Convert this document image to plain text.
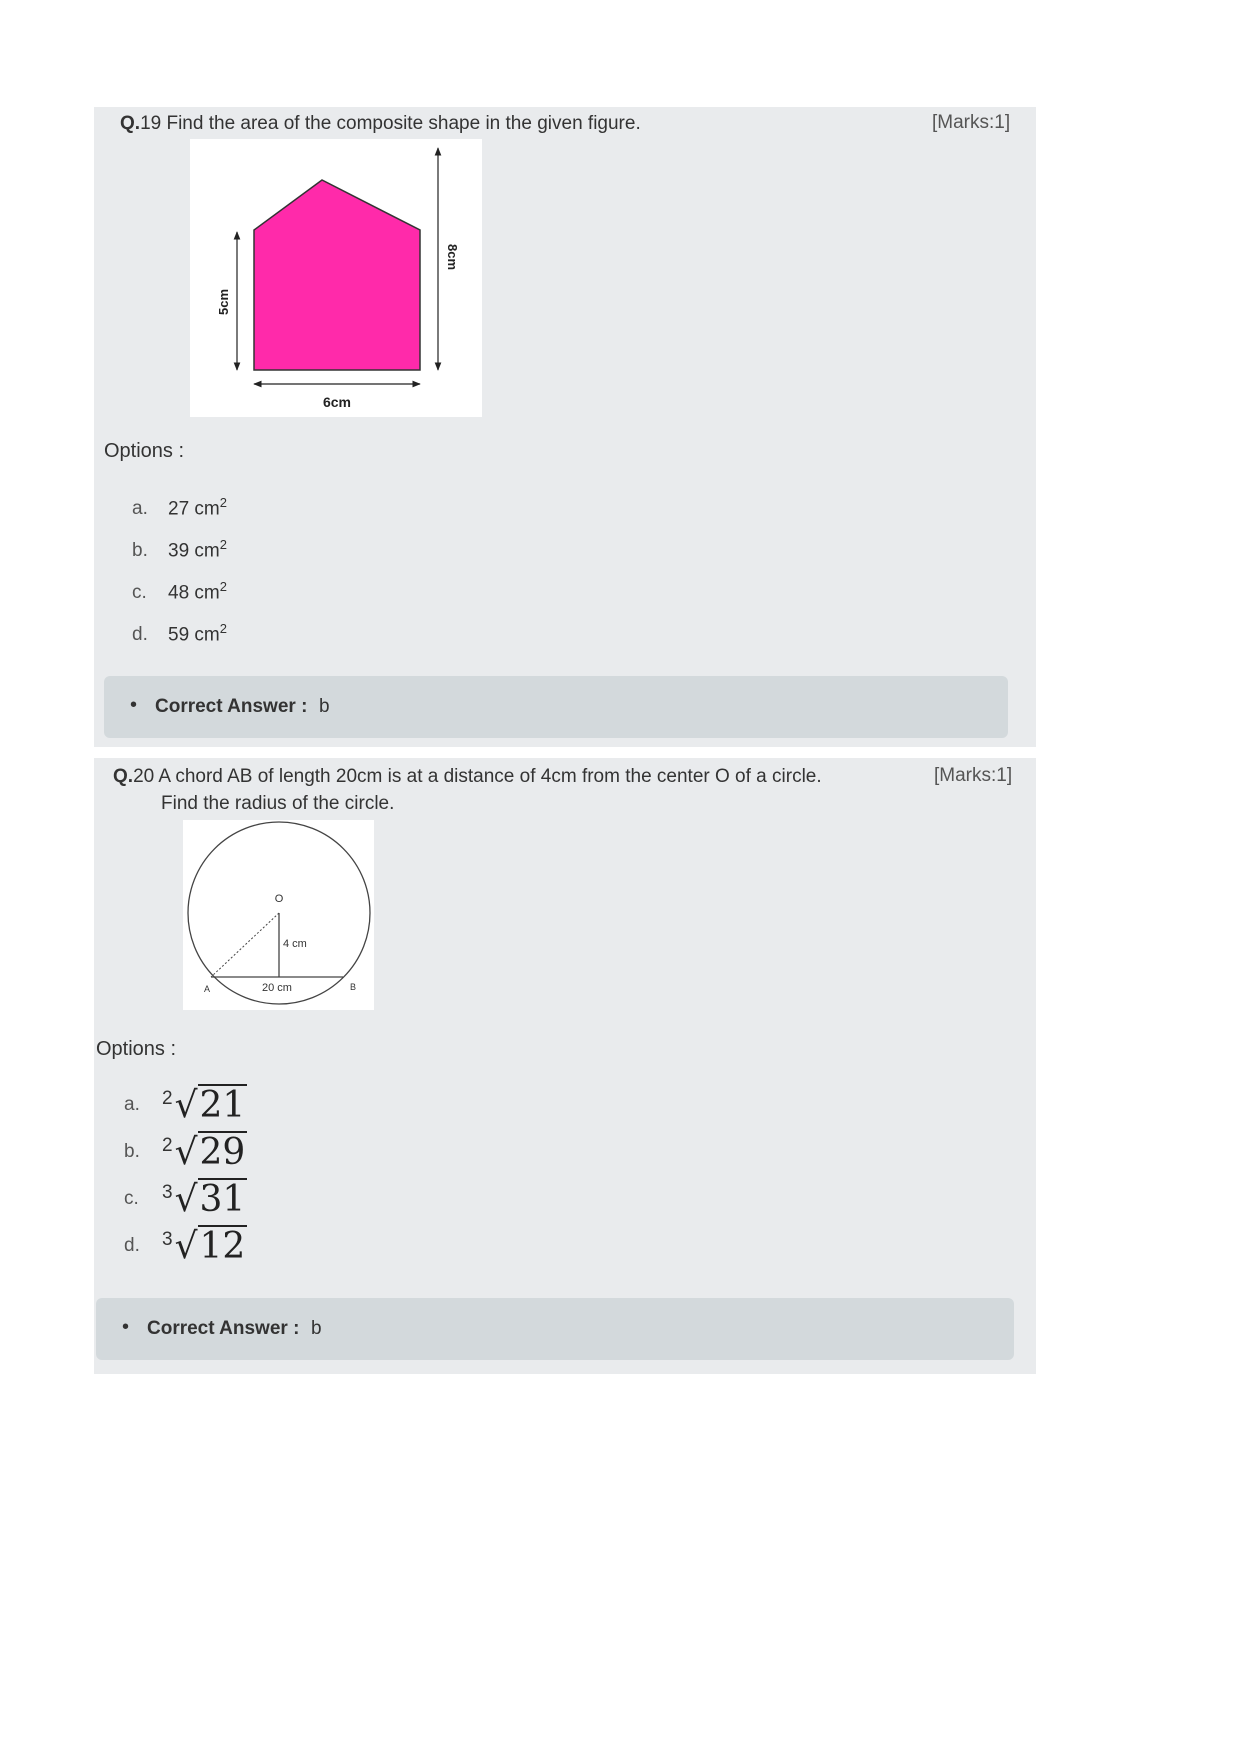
Q.19 Find the area of the composite shape in the given figure.	[Marks:1]
5cm
8cm
6cm
Options :
a. 27 $cm^2$
b. 39 $cm^2$
c. 48 $cm^2$
d. 59 $cm^2$
• Correct Answer : b
Q.20 A chord AB of length 20cm is at a distance of 4cm from the center O of a circle.
Find the radius of the circle.
[Marks:1]
O
4 cm
20 cm
A	B
Options :
a.	2 √ 21
b.	2 √ 29
c.	3 √ 31
d.	3 √ 12
• Correct Answer : b
